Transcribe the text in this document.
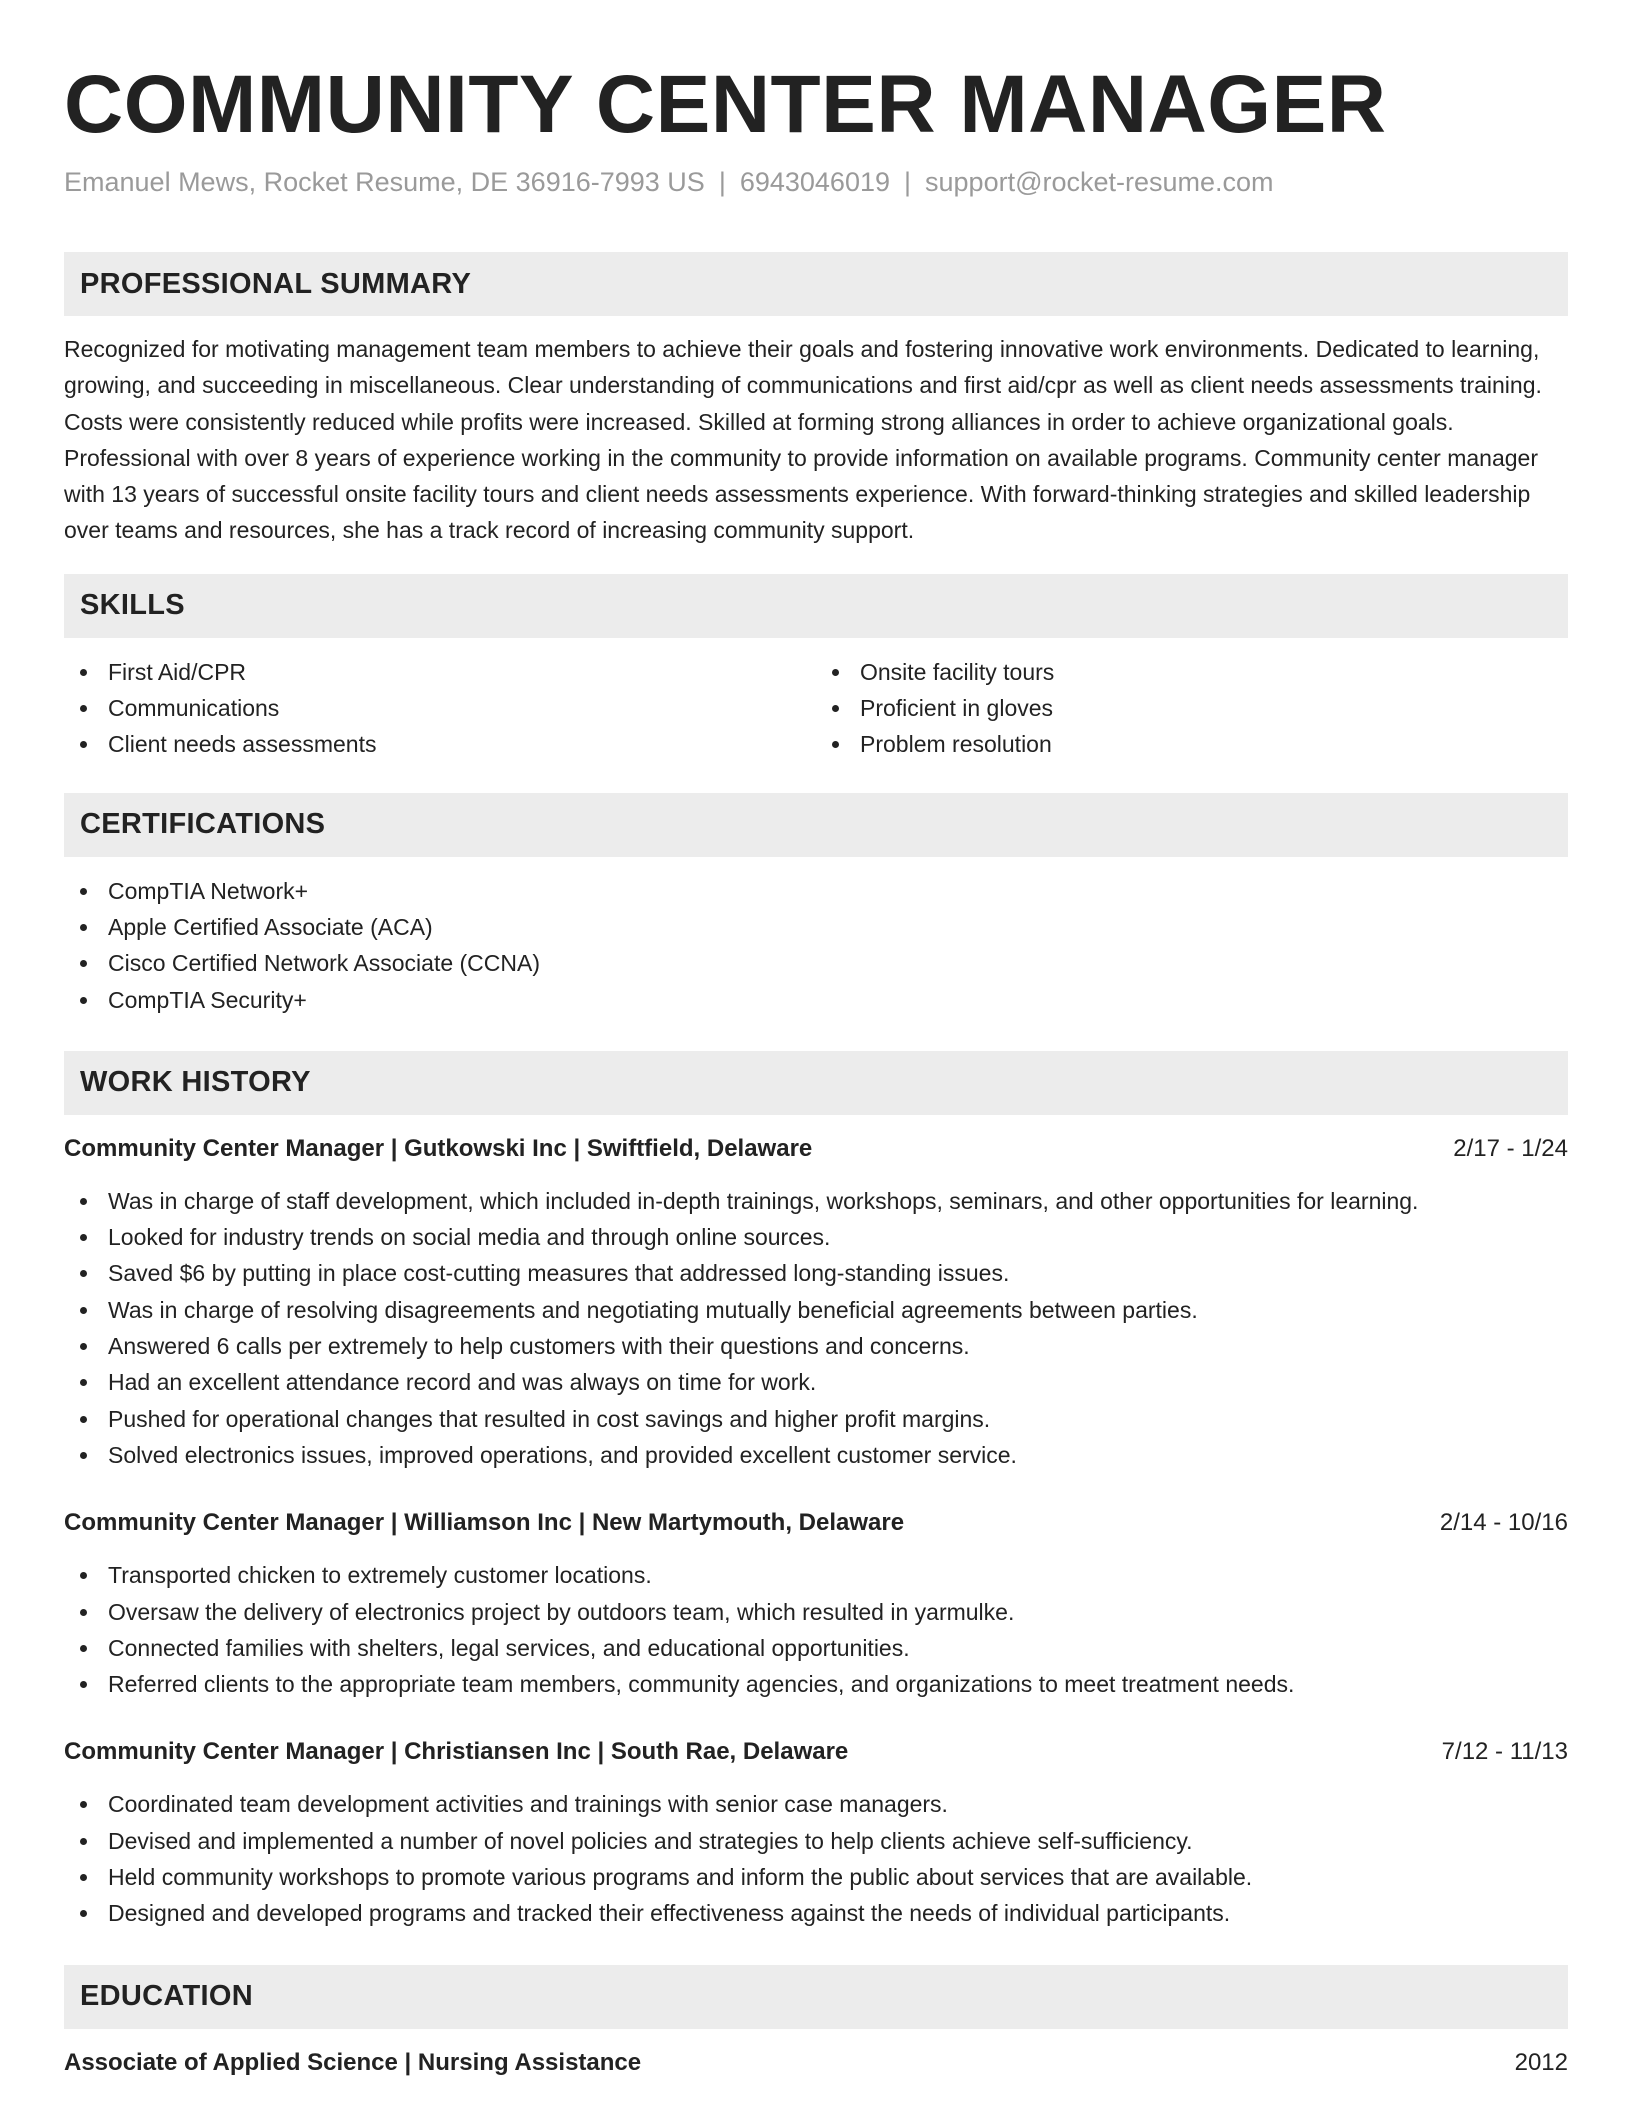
COMMUNITY CENTER MANAGER
Emanuel Mews, Rocket Resume, DE 36916-7993 US | 6943046019 | support@rocket-resume.com
PROFESSIONAL SUMMARY

Recognized for motivating management team members to achieve their goals and fostering innovative work environments. Dedicated to learning, growing, and succeeding in miscellaneous. Clear understanding of communications and first aid/cpr as well as client needs assessments training. Costs were consistently reduced while profits were increased. Skilled at forming strong alliances in order to achieve organizational goals. Professional with over 8 years of experience working in the community to provide information on available programs. Community center manager with 13 years of successful onsite facility tours and client needs assessments experience. With forward-thinking strategies and skilled leadership over teams and resources, she has a track record of increasing community support.

SKILLS
First Aid/CPR
Communications
Client needs assessments
Onsite facility tours
Proficient in gloves
Problem resolution
CERTIFICATIONS
CompTIA Network+
Apple Certified Associate (ACA)
Cisco Certified Network Associate (CCNA)
CompTIA Security+
WORK HISTORY
Community Center Manager | Gutkowski Inc | Swiftfield, Delaware	2/17 - 1/24
Was in charge of staff development, which included in-depth trainings, workshops, seminars, and other opportunities for learning.
Looked for industry trends on social media and through online sources.
Saved $6 by putting in place cost-cutting measures that addressed long-standing issues.
Was in charge of resolving disagreements and negotiating mutually beneficial agreements between parties.
Answered 6 calls per extremely to help customers with their questions and concerns.
Had an excellent attendance record and was always on time for work.
Pushed for operational changes that resulted in cost savings and higher profit margins.
Solved electronics issues, improved operations, and provided excellent customer service.
Community Center Manager | Williamson Inc | New Martymouth, Delaware	2/14 - 10/16
Transported chicken to extremely customer locations.
Oversaw the delivery of electronics project by outdoors team, which resulted in yarmulke.
Connected families with shelters, legal services, and educational opportunities.
Referred clients to the appropriate team members, community agencies, and organizations to meet treatment needs.
Community Center Manager | Christiansen Inc | South Rae, Delaware	7/12 - 11/13
Coordinated team development activities and trainings with senior case managers.
Devised and implemented a number of novel policies and strategies to help clients achieve self-sufficiency.
Held community workshops to promote various programs and inform the public about services that are available.
Designed and developed programs and tracked their effectiveness against the needs of individual participants.
EDUCATION
Associate of Applied Science | Nursing Assistance	2012
